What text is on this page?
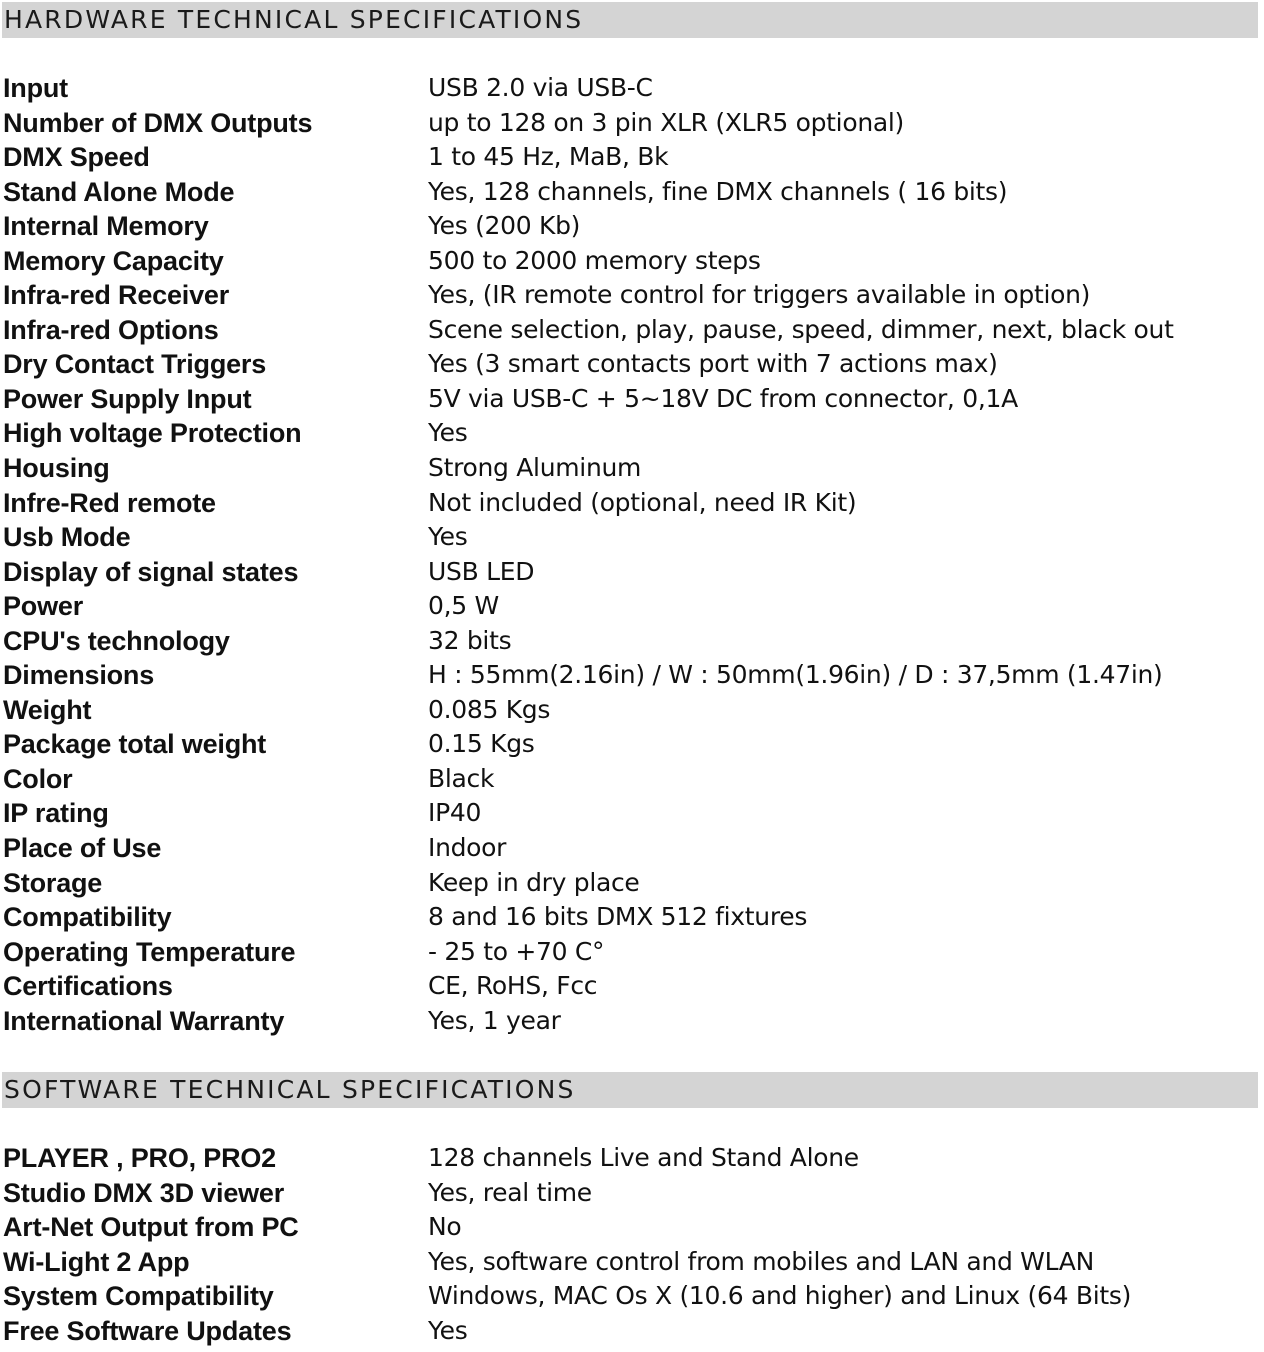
HARDWARE TECHNICAL SPECIFICATIONS
Input	USB 2.0 via USB-C
Number of DMX Outputs	up to 128 on 3 pin XLR (XLR5 optional)
DMX Speed	1 to 45 Hz, MaB, Bk
Stand Alone Mode	Yes, 128 channels, fine DMX channels ( 16 bits)
Internal Memory	Yes (200 Kb)
Memory Capacity	500 to 2000 memory steps
Infra-red Receiver	Yes, (IR remote control for triggers available in option)
Infra-red Options	Scene selection, play, pause, speed, dimmer, next, black out
Dry Contact Triggers	Yes (3 smart contacts port with 7 actions max)
Power Supply Input	5V via USB-C + 5~18V DC from connector, 0,1A
High voltage Protection	Yes
Housing	Strong Aluminum
Infre-Red remote	Not included (optional, need IR Kit)
Usb Mode	Yes
Display of signal states	USB LED
Power	0,5 W
CPU's technology	32 bits
Dimensions	H : 55mm(2.16in) / W : 50mm(1.96in) / D : 37,5mm (1.47in)
Weight	0.085 Kgs
Package total weight	0.15 Kgs
Color	Black
IP rating	IP40
Place of Use	Indoor
Storage	Keep in dry place
Compatibility	8 and 16 bits DMX 512 fixtures
Operating Temperature	- 25 to +70 C°
Certifications	CE, RoHS, Fcc
International Warranty	Yes, 1 year
SOFTWARE TECHNICAL SPECIFICATIONS
PLAYER , PRO, PRO2	128 channels Live and Stand Alone
Studio DMX 3D viewer	Yes, real time
Art-Net Output from PC	No
Wi-Light 2 App	Yes, software control from mobiles and LAN and WLAN
System Compatibility	Windows, MAC Os X (10.6 and higher) and Linux (64 Bits)
Free Software Updates	Yes
